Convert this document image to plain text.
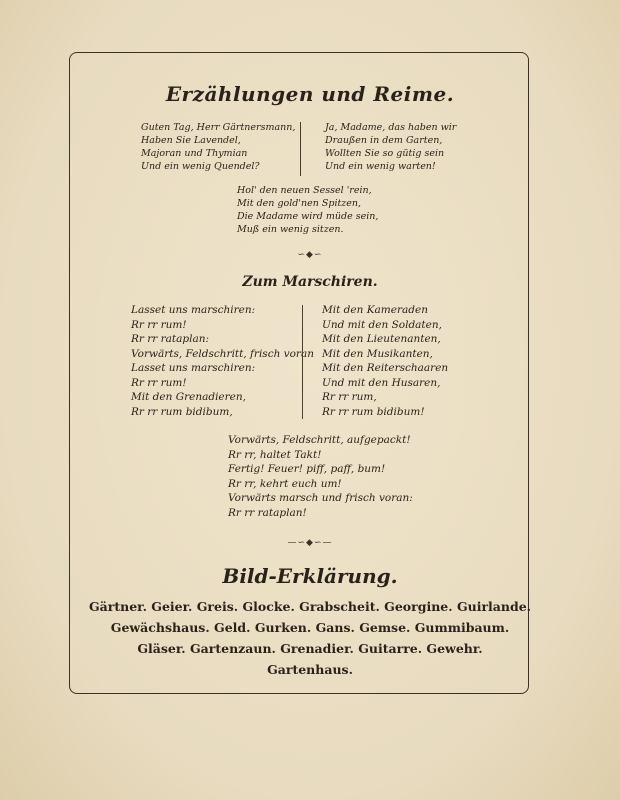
Erzählungen und Reime.
Guten Tag, Herr Gärtnersmann,
Haben Sie Lavendel,
Majoran und Thymian
Und ein wenig Quendel?
Ja, Madame, das haben wir
Draußen in dem Garten,
Wollten Sie so gütig sein
Und ein wenig warten!
Hol' den neuen Sessel 'rein,
Mit den gold'nen Spitzen,
Die Madame wird müde sein,
Muß ein wenig sitzen.
∽◆∽
Zum Marschiren.
Lasset uns marschiren:
Rr rr rum!
Rr rr rataplan:
Vorwärts, Feldschritt, frisch voran
Lasset uns marschiren:
Rr rr rum!
Mit den Grenadieren,
Rr rr rum bidibum,
Mit den Kameraden
Und mit den Soldaten,
Mit den Lieutenanten,
Mit den Musikanten,
Mit den Reiterschaaren
Und mit den Husaren,
Rr rr rum,
Rr rr rum bidibum!
Vorwärts, Feldschritt, aufgepackt!
Rr rr, haltet Takt!
Fertig! Feuer! piff, paff, bum!
Rr rr, kehrt euch um!
Vorwärts marsch und frisch voran:
Rr rr rataplan!
—∽◆∽—
Bild-Erklärung.
Gärtner. Geier. Greis. Glocke. Grabscheit. Georgine. Guirlande.
Gewächshaus. Geld. Gurken. Gans. Gemse. Gummibaum.
Gläser. Gartenzaun. Grenadier. Guitarre. Gewehr.
Gartenhaus.
